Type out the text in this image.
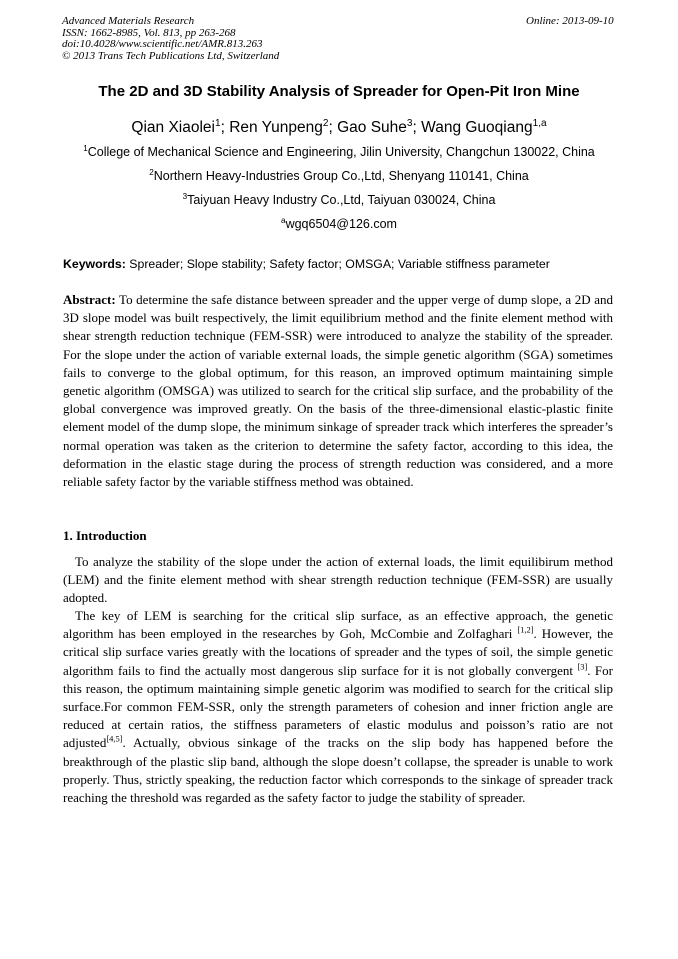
Advanced Materials Research
ISSN: 1662-8985, Vol. 813, pp 263-268
doi:10.4028/www.scientific.net/AMR.813.263
© 2013 Trans Tech Publications Ltd, Switzerland
Online: 2013-09-10
The 2D and 3D Stability Analysis of Spreader for Open-Pit Iron Mine
Qian Xiaolei$^1$; Ren Yunpeng$^2$; Gao Suhe$^3$; Wang Guoqiang$^{1,a}$
$^1$College of Mechanical Science and Engineering, Jilin University, Changchun 130022, China
$^2$Northern Heavy-Industries Group Co.,Ltd, Shenyang 110141, China
$^3$Taiyuan Heavy Industry Co.,Ltd, Taiyuan 030024, China
$^a$wgq6504@126.com
Keywords: Spreader; Slope stability; Safety factor; OMSGA; Variable stiffness parameter
Abstract: To determine the safe distance between spreader and the upper verge of dump slope, a 2D and 3D slope model was built respectively, the limit equilibrium method and the finite element method with shear strength reduction technique (FEM-SSR) were introduced to analyze the stability of the spreader. For the slope under the action of variable external loads, the simple genetic algorithm (SGA) sometimes fails to converge to the global optimum, for this reason, an improved optimum maintaining simple genetic algorithm (OMSGA) was utilized to search for the critical slip surface, and the probability of the global convergence was improved greatly. On the basis of the three-dimensional elastic-plastic finite element model of the dump slope, the minimum sinkage of spreader track which interferes the spreader’s normal operation was taken as the criterion to determine the safety factor, according to this idea, the deformation in the elastic stage during the process of strength reduction was considered, and a more reliable safety factor by the variable stiffness method was obtained.
1. Introduction
To analyze the stability of the slope under the action of external loads, the limit equilibirum method (LEM) and the finite element method with shear strength reduction technique (FEM-SSR) are usually adopted.
The key of LEM is searching for the critical slip surface, as an effective approach, the genetic algorithm has been employed in the researches by Goh, McCombie and Zolfaghari [1,2]. However, the critical slip surface varies greatly with the locations of spreader and the types of soil, the simple genetic algorithm fails to find the actually most dangerous slip surface for it is not globally convergent [3]. For this reason, the optimum maintaining simple genetic algorim was modified to search for the critical slip surface.For common FEM-SSR, only the strength parameters of cohesion and inner friction angle are reduced at certain ratios, the stiffness parameters of elastic modulus and poisson’s ratio are not adjusted[4,5]. Actually, obvious sinkage of the tracks on the slip body has happened before the breakthrough of the plastic slip band, although the slope doesn’t collapse, the spreader is unable to work properly. Thus, strictly speaking, the reduction factor which corresponds to the sinkage of spreader track reaching the threshold was regarded as the safety factor to judge the stability of spreader.
